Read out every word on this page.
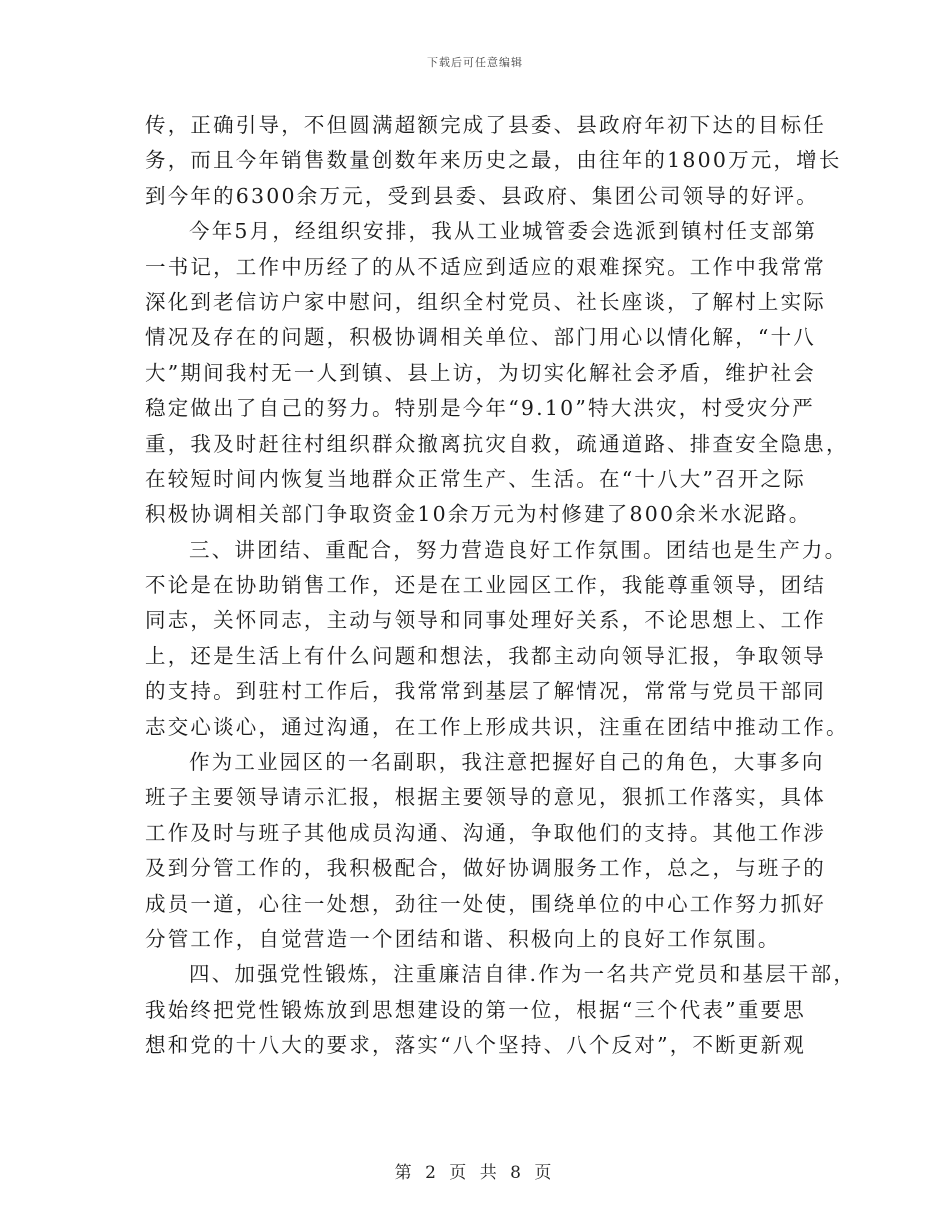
下载后可任意编辑
传，正确引导，不但圆满超额完成了县委、县政府年初下达的目标任
务，而且今年销售数量创数年来历史之最，由往年的1800万元，增长
到今年的6300余万元，受到县委、县政府、集团公司领导的好评。
今年5月，经组织安排，我从工业城管委会选派到镇村任支部第
一书记，工作中历经了的从不适应到适应的艰难探究。工作中我常常
深化到老信访户家中慰问，组织全村党员、社长座谈，了解村上实际
情况及存在的问题，积极协调相关单位、部门用心以情化解，“十八
大”期间我村无一人到镇、县上访，为切实化解社会矛盾，维护社会
稳定做出了自己的努力。特别是今年“9.10”特大洪灾，村受灾分严
重，我及时赶往村组织群众撤离抗灾自救，疏通道路、排查安全隐患，
在较短时间内恢复当地群众正常生产、生活。在“十八大”召开之际
积极协调相关部门争取资金10余万元为村修建了800余米水泥路。
三、讲团结、重配合，努力营造良好工作氛围。团结也是生产力。
不论是在协助销售工作，还是在工业园区工作，我能尊重领导，团结
同志，关怀同志，主动与领导和同事处理好关系，不论思想上、工作
上，还是生活上有什么问题和想法，我都主动向领导汇报，争取领导
的支持。到驻村工作后，我常常到基层了解情况，常常与党员干部同
志交心谈心，通过沟通，在工作上形成共识，注重在团结中推动工作。
作为工业园区的一名副职，我注意把握好自己的角色，大事多向
班子主要领导请示汇报，根据主要领导的意见，狠抓工作落实，具体
工作及时与班子其他成员沟通、沟通，争取他们的支持。其他工作涉
及到分管工作的，我积极配合，做好协调服务工作，总之，与班子的
成员一道，心往一处想，劲往一处使，围绕单位的中心工作努力抓好
分管工作，自觉营造一个团结和谐、积极向上的良好工作氛围。
四、加强党性锻炼，注重廉洁自律.作为一名共产党员和基层干部，
我始终把党性锻炼放到思想建设的第一位，根据“三个代表”重要思
想和党的十八大的要求，落实“八个坚持、八个反对”，不断更新观
第 2 页 共 8 页
